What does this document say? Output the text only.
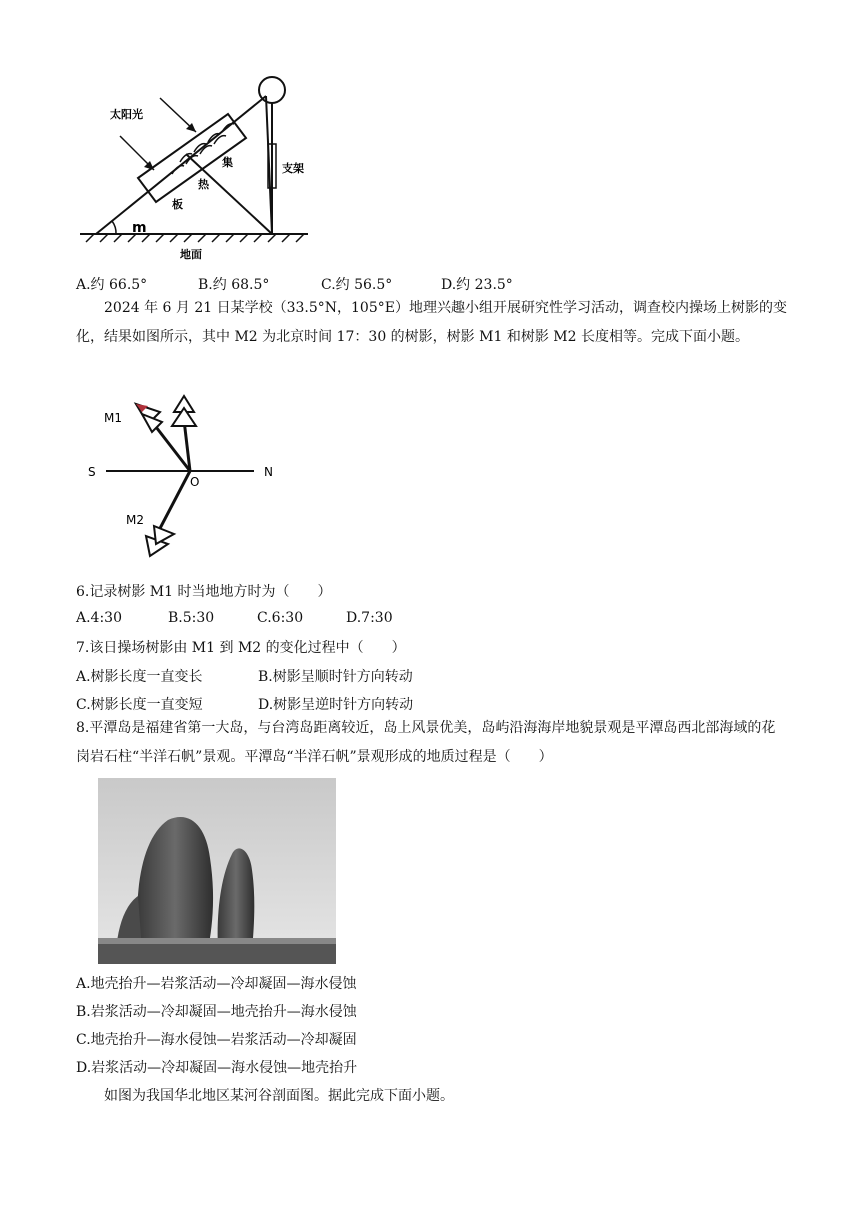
太阳光
集
热
板
支架
m
地面
A.约 66.5°	B.约 68.5°	C.约 56.5°	D.约 23.5°
2024 年 6 月 21 日某学校（33.5°N，105°E）地理兴趣小组开展研究性学习活动，调查校内操场上树影的变化，结果如图所示，其中 M2 为北京时间 17：30 的树影，树影 M1 和树影 M2 长度相等。完成下面小题。
M1
S	N
O
M2
6.记录树影 M1 时当地地方时为（　　）
A.4:30	B.5:30	C.6:30	D.7:30
7.该日操场树影由 M1 到 M2 的变化过程中（　　）
A.树影长度一直变长	B.树影呈顺时针方向转动
C.树影长度一直变短	D.树影呈逆时针方向转动
8.平潭岛是福建省第一大岛，与台湾岛距离较近，岛上风景优美，岛屿沿海海岸地貌景观是平潭岛西北部海域的花岗岩石柱“半洋石帆”景观。平潭岛“半洋石帆”景观形成的地质过程是（　　）
A.地壳抬升—岩浆活动—冷却凝固—海水侵蚀
B.岩浆活动—冷却凝固—地壳抬升—海水侵蚀
C.地壳抬升—海水侵蚀—岩浆活动—冷却凝固
D.岩浆活动—冷却凝固—海水侵蚀—地壳抬升
如图为我国华北地区某河谷剖面图。据此完成下面小题。
